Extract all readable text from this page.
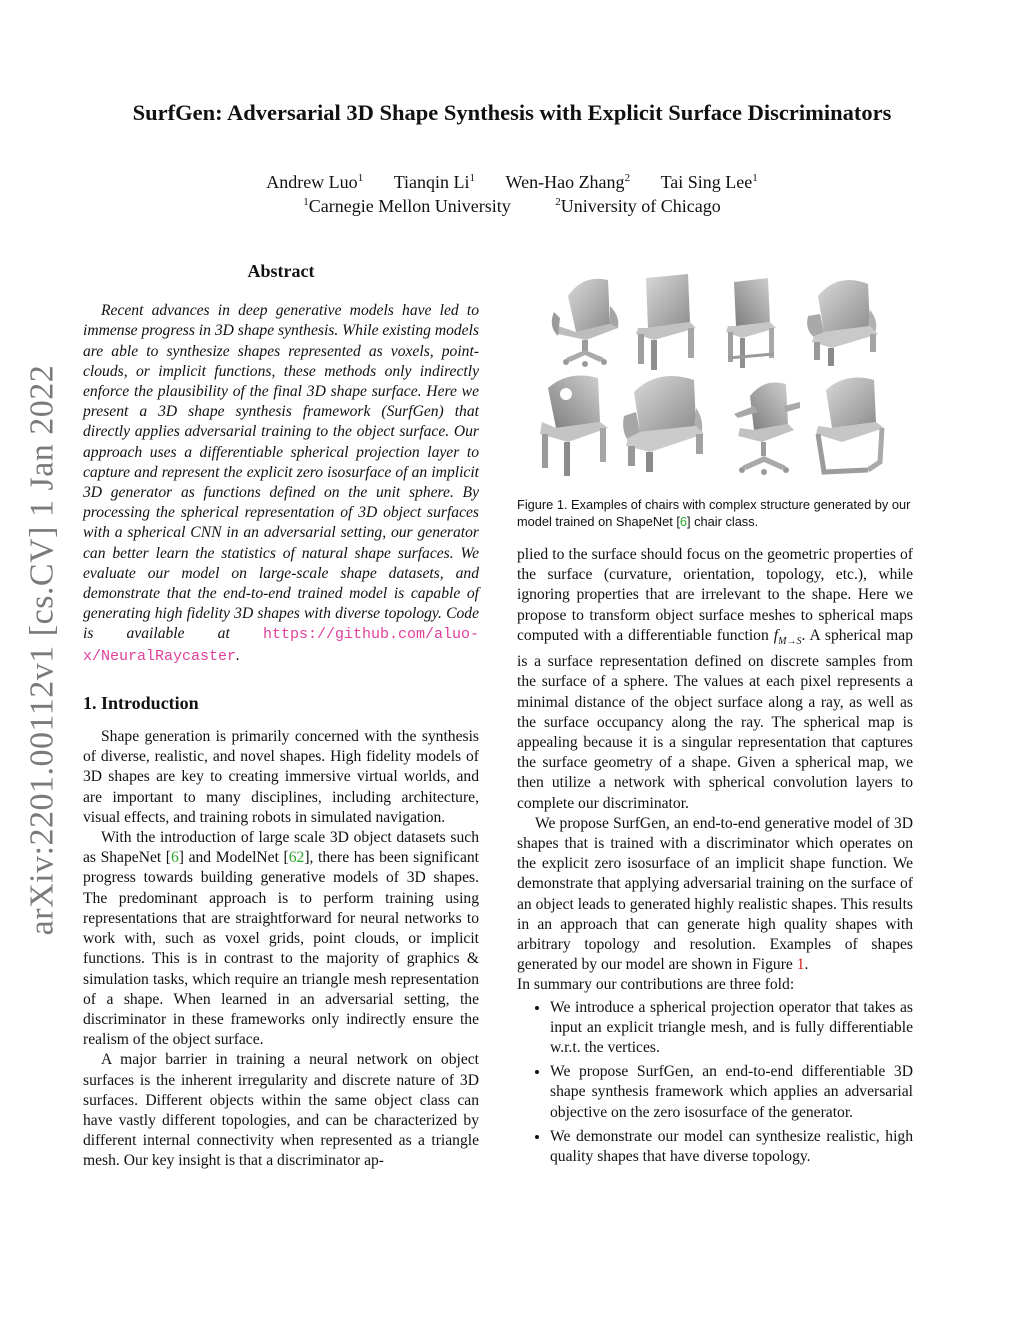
arXiv:2201.00112v1 [cs.CV] 1 Jan 2022
SurfGen: Adversarial 3D Shape Synthesis with Explicit Surface Discriminators
Andrew Luo$^1$ Tianqin Li$^1$ Wen-Hao Zhang$^2$ Tai Sing Lee$^1$
$^1$Carnegie Mellon University	$^2$University of Chicago
Abstract

Recent advances in deep generative models have led to immense progress in 3D shape synthesis. While existing models are able to synthesize shapes represented as voxels, point-clouds, or implicit functions, these methods only indirectly enforce the plausibility of the final 3D shape surface. Here we present a 3D shape synthesis framework (SurfGen) that directly applies adversarial training to the object surface. Our approach uses a differentiable spherical projection layer to capture and represent the explicit zero isosurface of an implicit 3D generator as functions defined on the unit sphere. By processing the spherical representation of 3D object surfaces with a spherical CNN in an adversarial setting, our generator can better learn the statistics of natural shape surfaces. We evaluate our model on large-scale shape datasets, and demonstrate that the end-to-end trained model is capable of generating high fidelity 3D shapes with diverse topology. Code is available at https://github.com/aluo-x/NeuralRaycaster.

1. Introduction

Shape generation is primarily concerned with the synthesis of diverse, realistic, and novel shapes. High fidelity models of 3D shapes are key to creating immersive virtual worlds, and are important to many disciplines, including architecture, visual effects, and training robots in simulated navigation.

With the introduction of large scale 3D object datasets such as ShapeNet [6] and ModelNet [62], there has been significant progress towards building generative models of 3D shapes. The predominant approach is to perform training using representations that are straightforward for neural networks to work with, such as voxel grids, point clouds, or implicit functions. This is in contrast to the majority of graphics & simulation tasks, which require an triangle mesh representation of a shape. When learned in an adversarial setting, the discriminator in these frameworks only indirectly ensure the realism of the object surface.

A major barrier in training a neural network on object surfaces is the inherent irregularity and discrete nature of 3D surfaces. Different objects within the same object class can have vastly different topologies, and can be characterized by different internal connectivity when represented as a triangle mesh. Our key insight is that a discriminator ap-

Figure 1. Examples of chairs with complex structure generated by our model trained on ShapeNet [6] chair class.

plied to the surface should focus on the geometric properties of the surface (curvature, orientation, topology, etc.), while ignoring properties that are irrelevant to the shape. Here we propose to transform object surface meshes to spherical maps computed with a differentiable function $f_{M\to S}$. A spherical map is a surface representation defined on discrete samples from the surface of a sphere. The values at each pixel represents a minimal distance of the object surface along a ray, as well as the surface occupancy along the ray. The spherical map is appealing because it is a singular representation that captures the surface geometry of a shape. Given a spherical map, we then utilize a network with spherical convolution layers to complete our discriminator.

We propose SurfGen, an end-to-end generative model of 3D shapes that is trained with a discriminator which operates on the explicit zero isosurface of an implicit shape function. We demonstrate that applying adversarial training on the surface of an object leads to generated highly realistic shapes. This results in an approach that can generate high quality shapes with arbitrary topology and resolution. Examples of shapes generated by our model are shown in Figure 1.

In summary our contributions are three fold:

• We introduce a spherical projection operator that takes as input an explicit triangle mesh, and is fully differentiable w.r.t. the vertices.
• We propose SurfGen, an end-to-end differentiable 3D shape synthesis framework which applies an adversarial objective on the zero isosurface of the generator.
• We demonstrate our model can synthesize realistic, high quality shapes that have diverse topology.
